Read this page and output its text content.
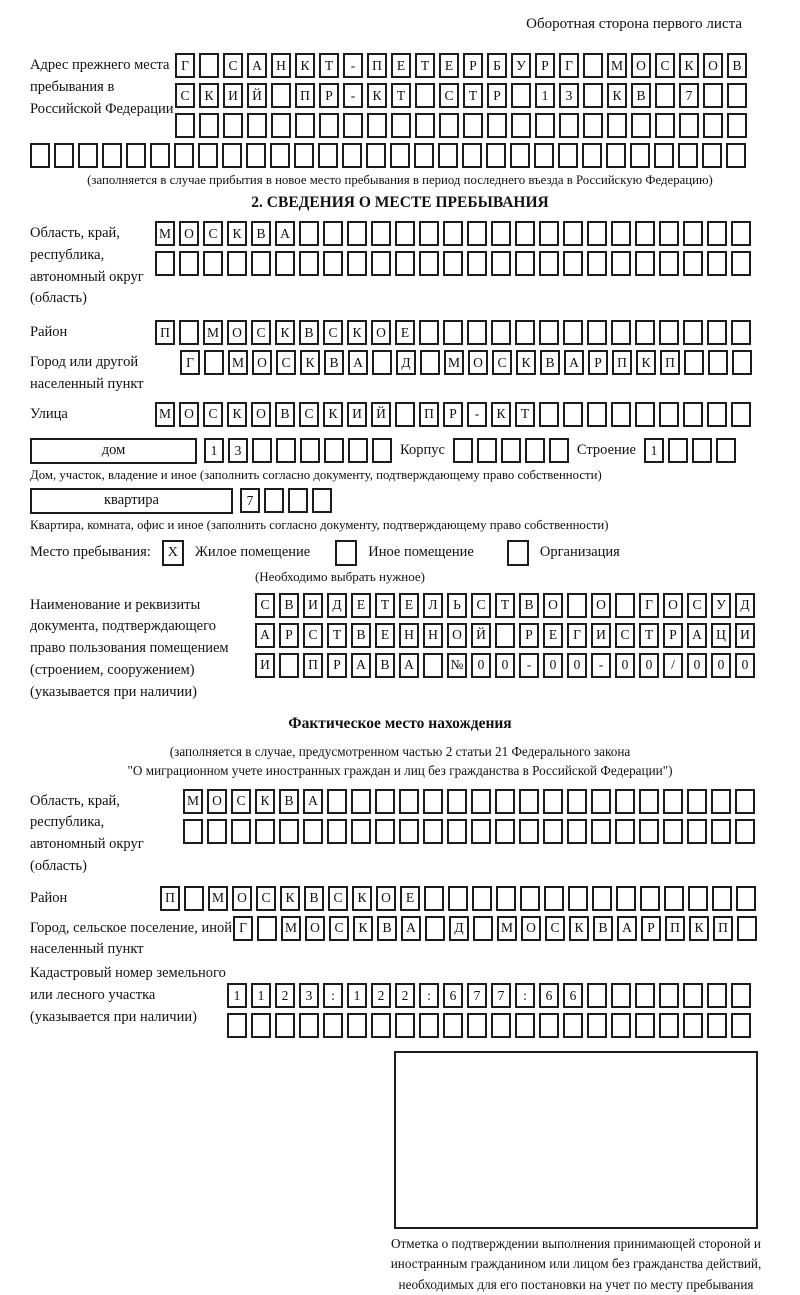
Оборотная сторона первого листа
Адрес прежнего места пребывания в Российской Федерации
Г	С	А	Н	К	Т	-	П	Е	Т	Е	Р	Б	У	Р	Г	М О	С	К	О	В
С	К	И	Й	П	Р	-	К	Т	С	Т	Р	1	3	К	В	7
(заполняется в случае прибытия в новое место пребывания в период последнего въезда в Российскую Федерацию)
2. СВЕДЕНИЯ О МЕСТЕ ПРЕБЫВАНИЯ
Область, край, республика, автономный округ (область)
М О	С	К	В	А
Район	П	М О	С	К	В	С	К	О	Е
Город или другой населенный пункт
Г	М О	С	К	В	А	Д	М О	С	К	В	А	Р	П	К	П
Улица	М О	С	К	О	В	С	К	И	Й	П	Р	-	К	Т
дом	1	3	Корпус	Строение	1
Дом, участок, владение и иное (заполнить согласно документу, подтверждающему право собственности)
квартира	7
Квартира, комната, офис и иное (заполнить согласно документу, подтверждающему право собственности)
Место пребывания:	X	Жилое помещение	Иное помещение	Организация
(Необходимо выбрать нужное)
Наименование и реквизиты документа, подтверждающего право пользования помещением (строением, сооружением) (указывается при наличии)
С	В	И	Д	Е	Т	Е	Л	Ь	С	Т	В	О	О	Г	О	С	У	Д
А	Р	С	Т	В	Е	Н	Н	О	Й	Р	Е	Г	И	С	Т	Р	А	Ц	И
И	П	Р	А	В	А	№	0	0	-	0	0	-	0	0	/	0	0	0
Фактическое место нахождения
(заполняется в случае, предусмотренном частью 2 статьи 21 Федерального закона
"О миграционном учете иностранных граждан и лиц без гражданства в Российской Федерации")
Область, край, республика, автономный округ (область)
М О	С	К	В	А
Район	П	М О	С	К	В	С	К	О	Е
Город, сельское поселение, иной населенный пункт
Г	М О	С	К	В	А	Д	М О	С	К	В	А	Р	П	К	П
Кадастровый номер земельного или лесного участка (указывается при наличии)
1	1	2	3	:	1	2	2	:	6	7	7	:	6	6
Отметка о подтверждении выполнения принимающей стороной и иностранным гражданином или лицом без гражданства действий, необходимых для его постановки на учет по месту пребывания
